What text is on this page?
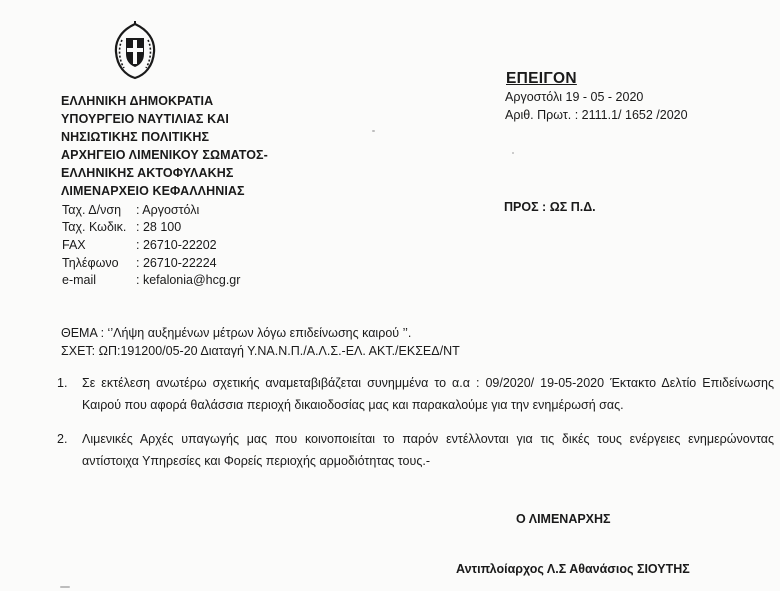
ΕΛΛΗΝΙΚΗ ΔΗΜΟΚΡΑΤΙΑ
ΥΠΟΥΡΓΕΙΟ ΝΑΥΤΙΛΙΑΣ ΚΑΙ
ΝΗΣΙΩΤΙΚΗΣ ΠΟΛΙΤΙΚΗΣ
ΑΡΧΗΓΕΙΟ ΛΙΜΕΝΙΚΟΥ ΣΩΜΑΤΟΣ-
ΕΛΛΗΝΙΚΗΣ ΑΚΤΟΦΥΛΑΚΗΣ
ΛΙΜΕΝΑΡΧΕΙΟ ΚΕΦΑΛΛΗΝΙΑΣ
Ταχ. Δ/νση : Αργοστόλι
Ταχ. Κωδικ. : 28 100
FAX	: 26710-22202
Τηλέφωνο : 26710-22224
e-mail	: kefalonia@hcg.gr
ΕΠΕΙΓΟΝ
Αργοστόλι 19 - 05 - 2020
Αριθ. Πρωτ. : 2111.1/ 1652 /2020
ΠΡΟΣ : ΩΣ Π.Δ.
ΘΕΜΑ : ‘’Λήψη αυξημένων μέτρων λόγω επιδείνωσης καιρού ’’.
ΣΧΕΤ: ΩΠ:191200/05-20 Διαταγή Υ.ΝΑ.Ν.Π./Α.Λ.Σ.-ΕΛ. ΑΚΤ./ΕΚΣΕΔ/ΝΤ
1. Σε εκτέλεση ανωτέρω σχετικής αναμεταβιβάζεται συνημμένα το α.α : 09/2020/ 19-05-2020 Έκτακτο Δελτίο Επιδείνωσης Καιρού που αφορά θαλάσσια περιοχή δικαιοδοσίας μας και παρακαλούμε για την ενημέρωσή σας.
2. Λιμενικές Αρχές υπαγωγής μας που κοινοποιείται το παρόν εντέλλονται για τις δικές τους ενέργειες ενημερώνοντας αντίστοιχα Υπηρεσίες και Φορείς περιοχής αρμοδιότητας τους.-
Ο ΛΙΜΕΝΑΡΧΗΣ
Αντιπλοίαρχος Λ.Σ Αθανάσιος ΣΙΟΥΤΗΣ
